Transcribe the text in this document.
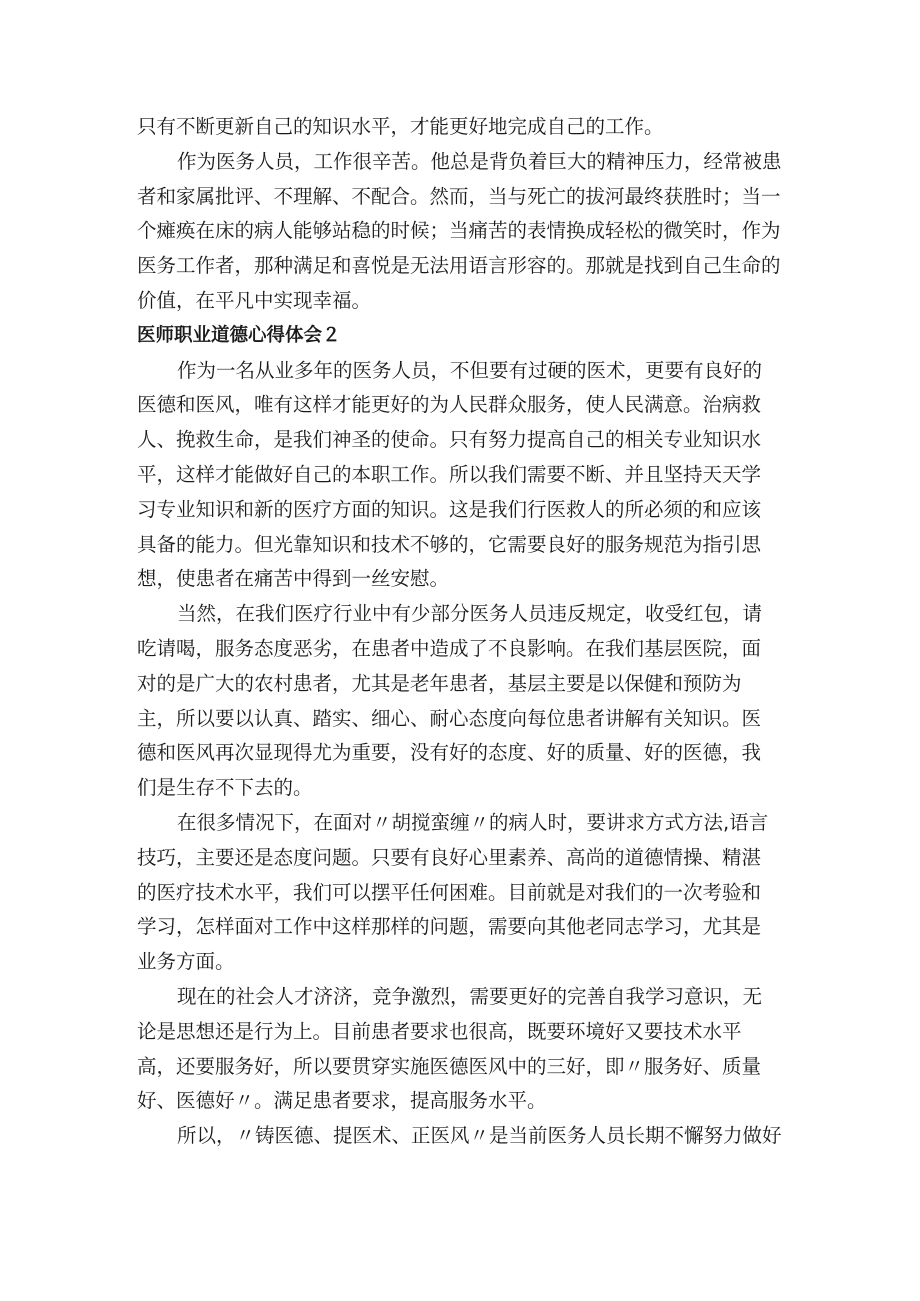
只有不断更新自己的知识水平，才能更好地完成自己的工作。
作为医务人员，工作很辛苦。他总是背负着巨大的精神压力，经常被患
者和家属批评、不理解、不配合。然而，当与死亡的拔河最终获胜时；当一
个瘫痪在床的病人能够站稳的时候；当痛苦的表情换成轻松的微笑时，作为
医务工作者，那种满足和喜悦是无法用语言形容的。那就是找到自己生命的
价值，在平凡中实现幸福。
医师职业道德心得体会２
作为一名从业多年的医务人员，不但要有过硬的医术，更要有良好的
医德和医风，唯有这样才能更好的为人民群众服务，使人民满意。治病救
人、挽救生命，是我们神圣的使命。只有努力提高自己的相关专业知识水
平，这样才能做好自己的本职工作。所以我们需要不断、并且坚持天天学
习专业知识和新的医疗方面的知识。这是我们行医救人的所必须的和应该
具备的能力。但光靠知识和技术不够的，它需要良好的服务规范为指引思
想，使患者在痛苦中得到一丝安慰。
当然，在我们医疗行业中有少部分医务人员违反规定，收受红包，请
吃请喝，服务态度恶劣，在患者中造成了不良影响。在我们基层医院，面
对的是广大的农村患者，尤其是老年患者，基层主要是以保健和预防为
主，所以要以认真、踏实、细心、耐心态度向每位患者讲解有关知识。医
德和医风再次显现得尤为重要，没有好的态度、好的质量、好的医德，我
们是生存不下去的。
在很多情况下，在面对〃胡搅蛮缠〃的病人时，要讲求方式方法,语言
技巧，主要还是态度问题。只要有良好心里素养、高尚的道德情操、精湛
的医疗技术水平，我们可以摆平任何困难。目前就是对我们的一次考验和
学习，怎样面对工作中这样那样的问题，需要向其他老同志学习，尤其是
业务方面。
现在的社会人才济济，竞争激烈，需要更好的完善自我学习意识，无
论是思想还是行为上。目前患者要求也很高，既要环境好又要技术水平
高，还要服务好，所以要贯穿实施医德医风中的三好，即〃服务好、质量
好、医德好〃。满足患者要求，提高服务水平。
所以，〃铸医德、提医术、正医风〃是当前医务人员长期不懈努力做好
